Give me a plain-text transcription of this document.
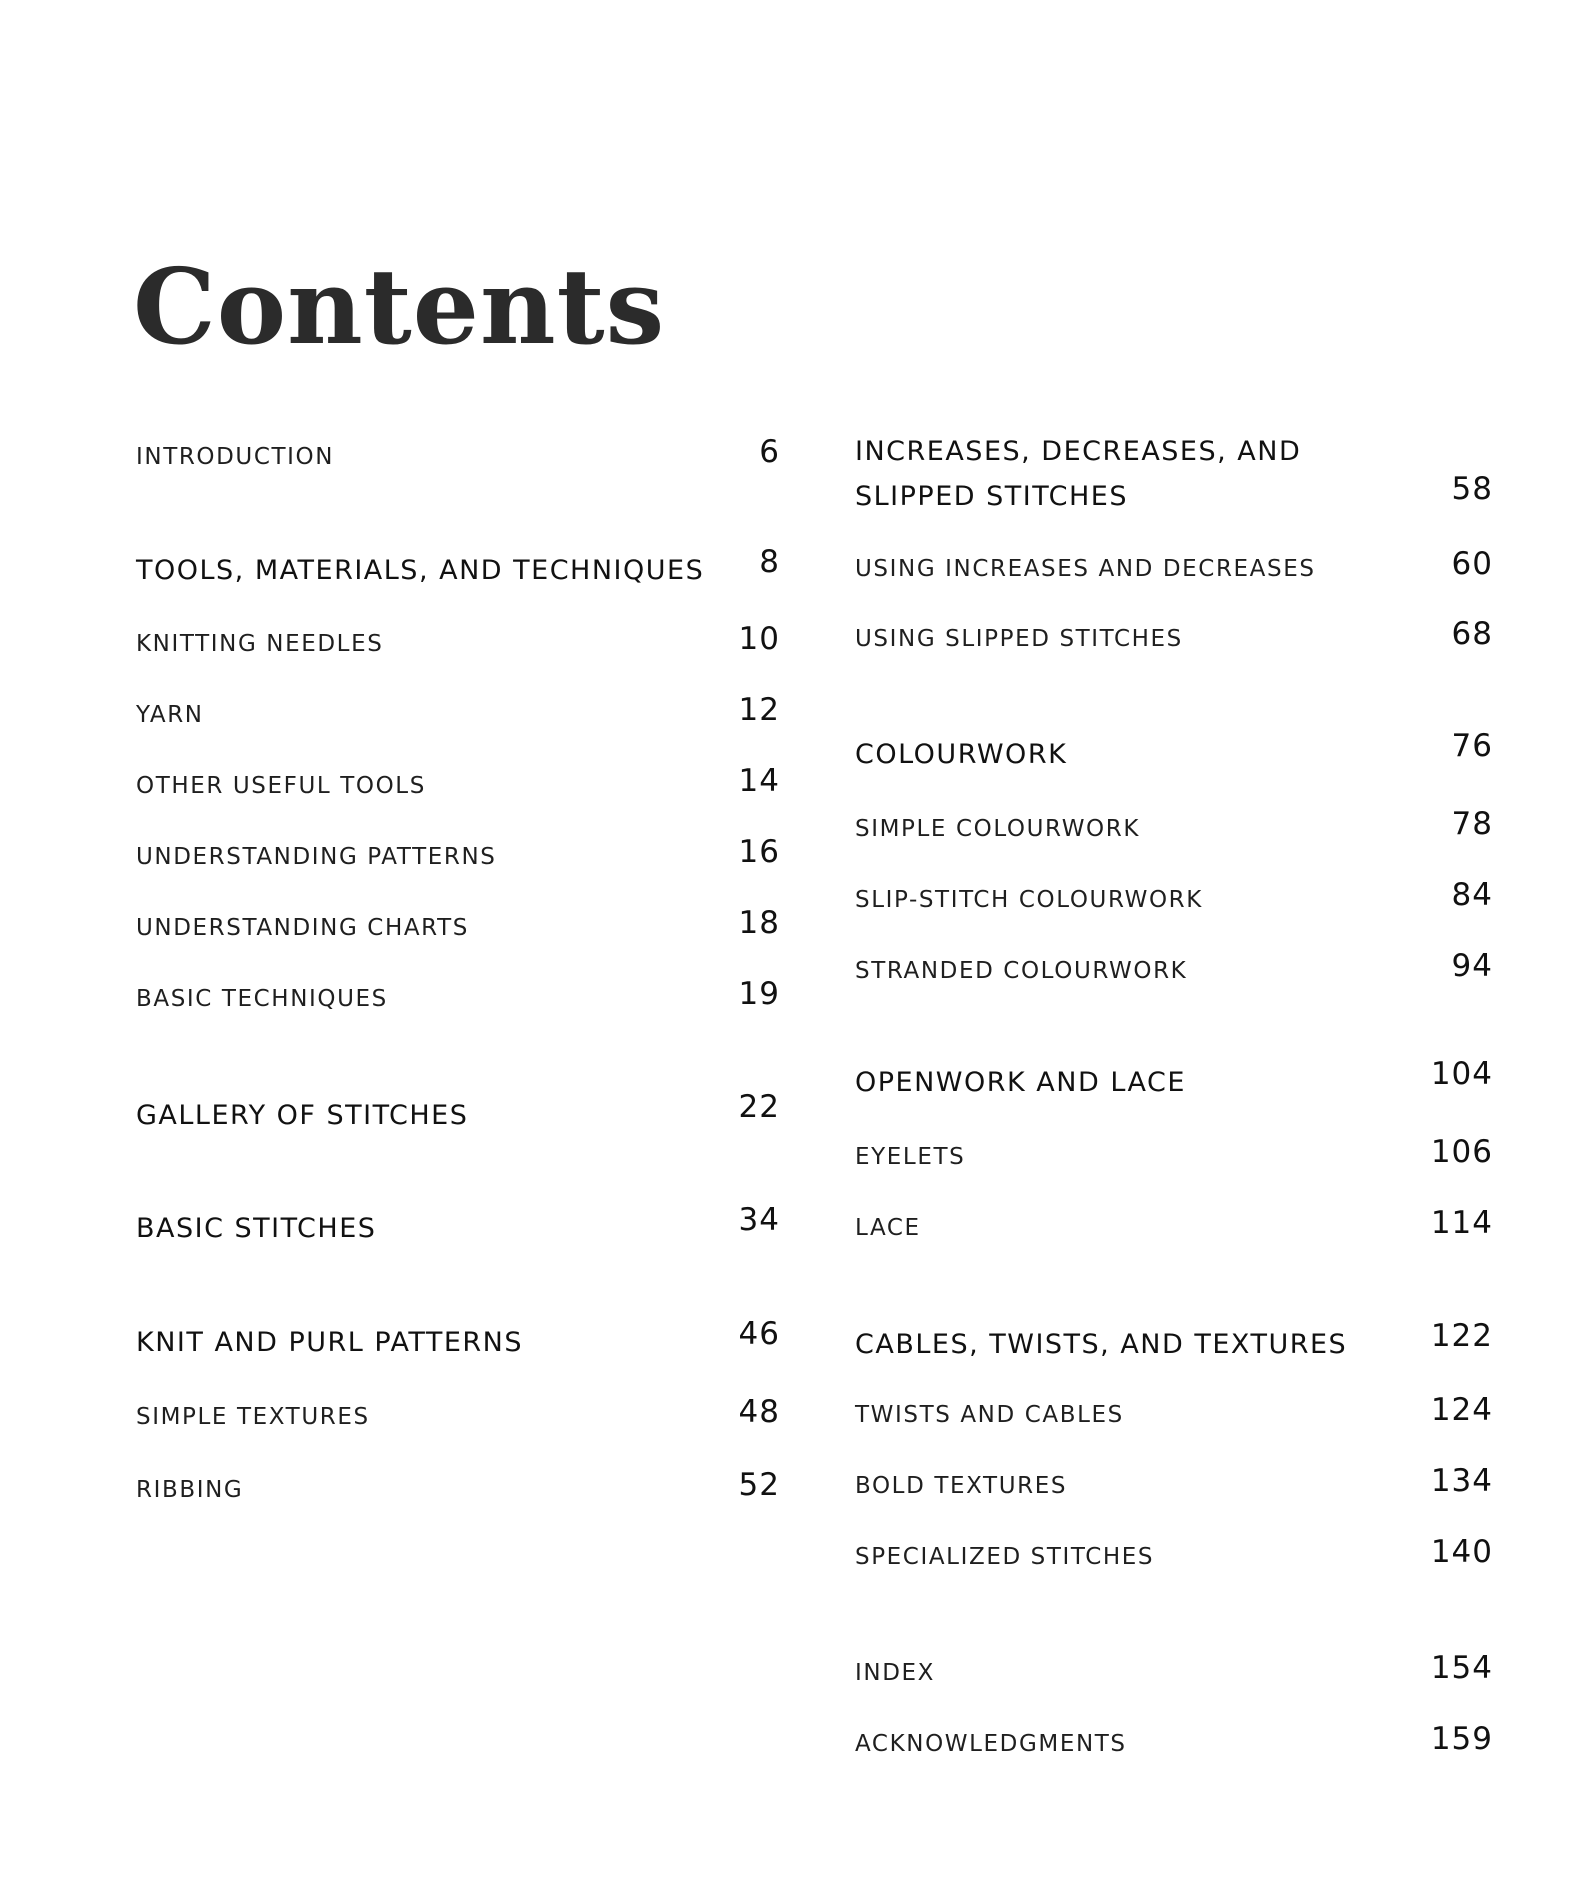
Contents
INTRODUCTION	6
TOOLS, MATERIALS, AND TECHNIQUES 8
KNITTING NEEDLES	10
YARN	12
OTHER USEFUL TOOLS	14
UNDERSTANDING PATTERNS	16
UNDERSTANDING CHARTS	18
BASIC TECHNIQUES	19
GALLERY OF STITCHES	22
BASIC STITCHES	34
KNIT AND PURL PATTERNS	46
SIMPLE TEXTURES	48
RIBBING	52
INCREASES, DECREASES, AND
SLIPPED STITCHES	58
USING INCREASES AND DECREASES	60
USING SLIPPED STITCHES	68
COLOURWORK	76
SIMPLE COLOURWORK	78
SLIP-STITCH COLOURWORK	84
STRANDED COLOURWORK	94
OPENWORK AND LACE	104
EYELETS	106
LACE	114
CABLES, TWISTS, AND TEXTURES	122
TWISTS AND CABLES	124
BOLD TEXTURES	134
SPECIALIZED STITCHES	140
INDEX	154
ACKNOWLEDGMENTS	159
